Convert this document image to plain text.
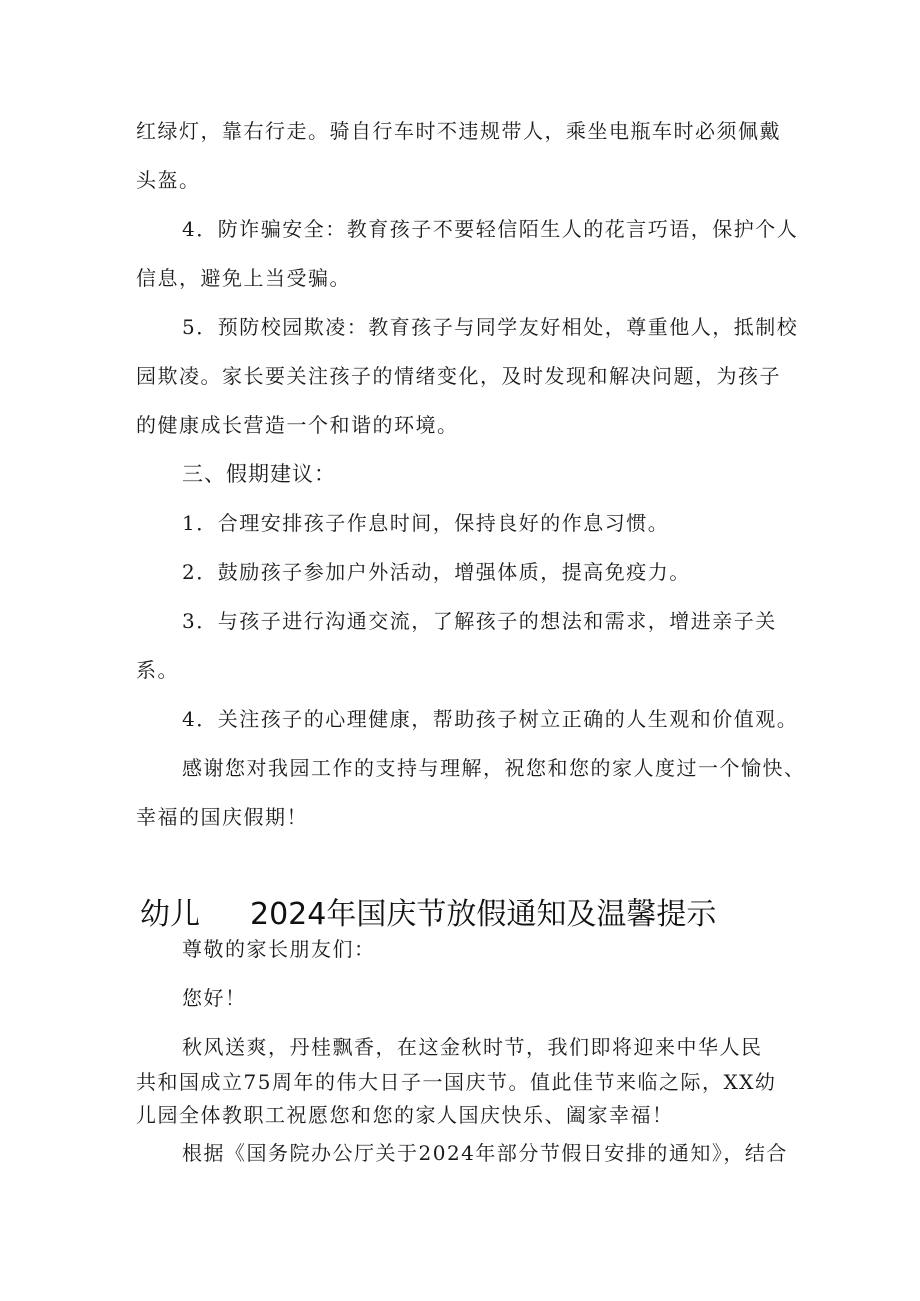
红绿灯，靠右行走。骑自行车时不违规带人，乘坐电瓶车时必须佩戴
头盔。
4．防诈骗安全：教育孩子不要轻信陌生人的花言巧语，保护个人
信息，避免上当受骗。
5．预防校园欺凌：教育孩子与同学友好相处，尊重他人，抵制校
园欺凌。家长要关注孩子的情绪变化，及时发现和解决问题，为孩子
的健康成长营造一个和谐的环境。
三、假期建议：
1．合理安排孩子作息时间，保持良好的作息习惯。
2．鼓励孩子参加户外活动，增强体质，提高免疫力。
3．与孩子进行沟通交流，了解孩子的想法和需求，增进亲子关
系。
4．关注孩子的心理健康，帮助孩子树立正确的人生观和价值观。
感谢您对我园工作的支持与理解，祝您和您的家人度过一个愉快、
幸福的国庆假期！
幼儿 2024年国庆节放假通知及温馨提示
尊敬的家长朋友们：
您好！
秋风送爽，丹桂飘香，在这金秋时节，我们即将迎来中华人民
共和国成立75周年的伟大日子一国庆节。值此佳节来临之际，XX幼
儿园全体教职工祝愿您和您的家人国庆快乐、阖家幸福！
根据《国务院办公厅关于2024年部分节假日安排的通知》，结合
